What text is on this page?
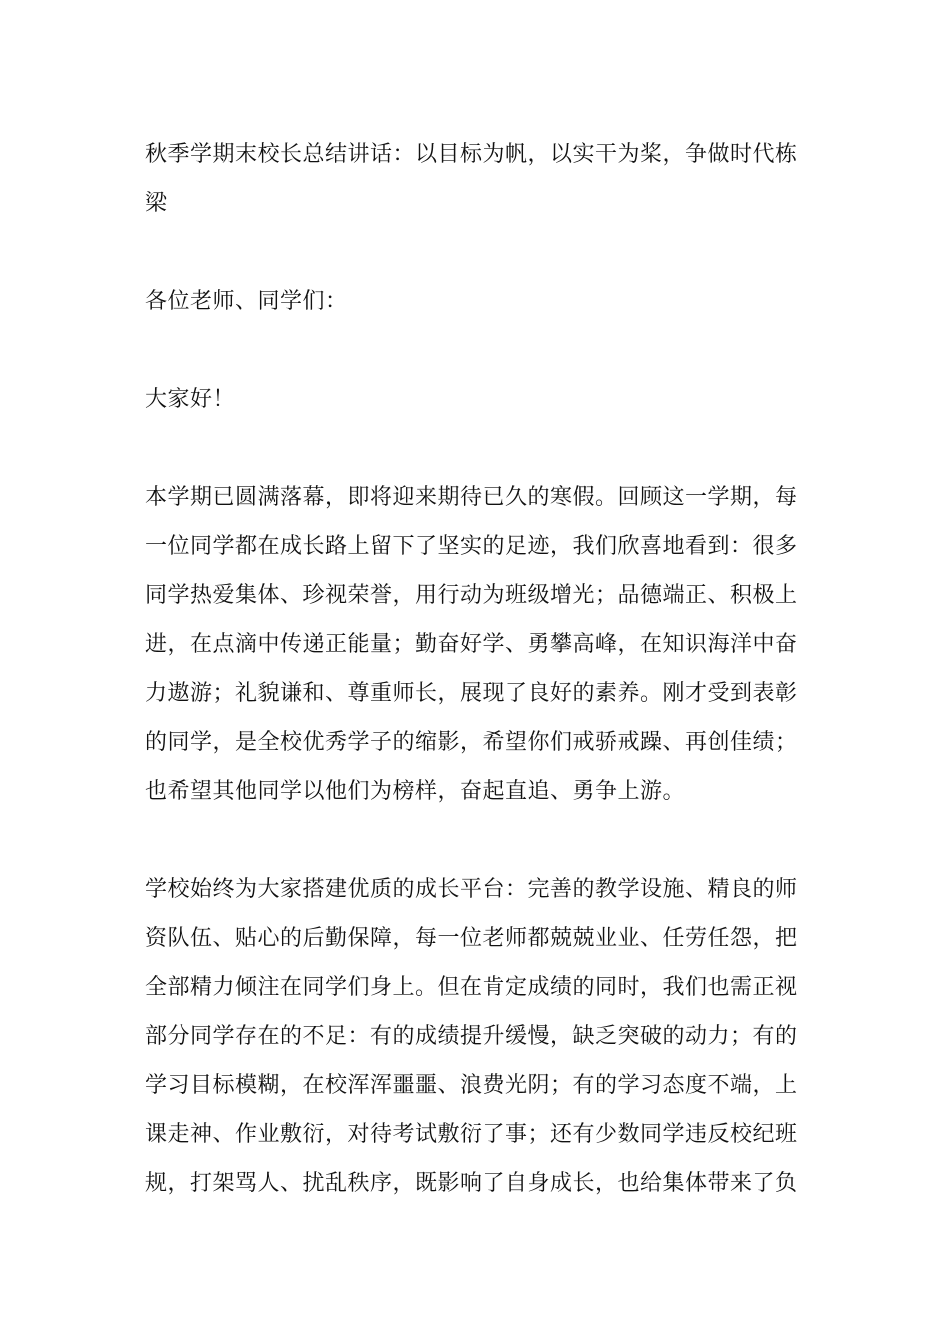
秋季学期末校长总结讲话：以目标为帆，以实干为桨，争做时代栋
梁
各位老师、同学们：
大家好！
本学期已圆满落幕，即将迎来期待已久的寒假。回顾这一学期，每
一位同学都在成长路上留下了坚实的足迹，我们欣喜地看到：很多
同学热爱集体、珍视荣誉，用行动为班级增光；品德端正、积极上
进，在点滴中传递正能量；勤奋好学、勇攀高峰，在知识海洋中奋
力遨游；礼貌谦和、尊重师长，展现了良好的素养。刚才受到表彰
的同学，是全校优秀学子的缩影，希望你们戒骄戒躁、再创佳绩；
也希望其他同学以他们为榜样，奋起直追、勇争上游。
学校始终为大家搭建优质的成长平台：完善的教学设施、精良的师
资队伍、贴心的后勤保障，每一位老师都兢兢业业、任劳任怨，把
全部精力倾注在同学们身上。但在肯定成绩的同时，我们也需正视
部分同学存在的不足：有的成绩提升缓慢，缺乏突破的动力；有的
学习目标模糊，在校浑浑噩噩、浪费光阴；有的学习态度不端，上
课走神、作业敷衍，对待考试敷衍了事；还有少数同学违反校纪班
规，打架骂人、扰乱秩序，既影响了自身成长，也给集体带来了负
